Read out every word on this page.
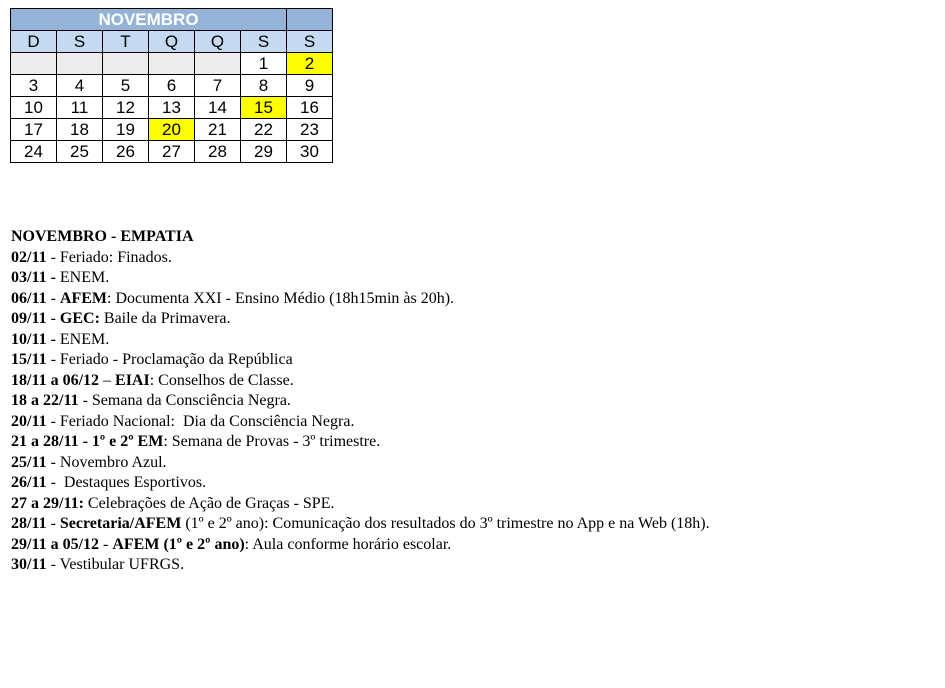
NOVEMBRO						
D	S	T	Q	Q	S	S
					1	2
3	4	5	6	7	8	9
10	11	12	13	14	15	16
17	18	19	20	21	22	23
24	25	26	27	28	29	30
NOVEMBRO - EMPATIA
02/11 - Feriado: Finados.
03/11 - ENEM.
06/11 - AFEM: Documenta XXI - Ensino Médio (18h15min às 20h).
09/11 - GEC: Baile da Primavera.
10/11 - ENEM.
15/11 - Feriado - Proclamação da República
18/11 a 06/12 – EIAI: Conselhos de Classe.
18 a 22/11 - Semana da Consciência Negra.
20/11 - Feriado Nacional:  Dia da Consciência Negra.
21 a 28/11 - 1º e 2º EM: Semana de Provas - 3º trimestre.
25/11 - Novembro Azul.
26/11 -  Destaques Esportivos.
27 a 29/11: Celebrações de Ação de Graças - SPE.
28/11 - Secretaria/AFEM (1º e 2º ano): Comunicação dos resultados do 3º trimestre no App e na Web (18h).
29/11 a 05/12 - AFEM (1º e 2º ano): Aula conforme horário escolar.
30/11 - Vestibular UFRGS.
